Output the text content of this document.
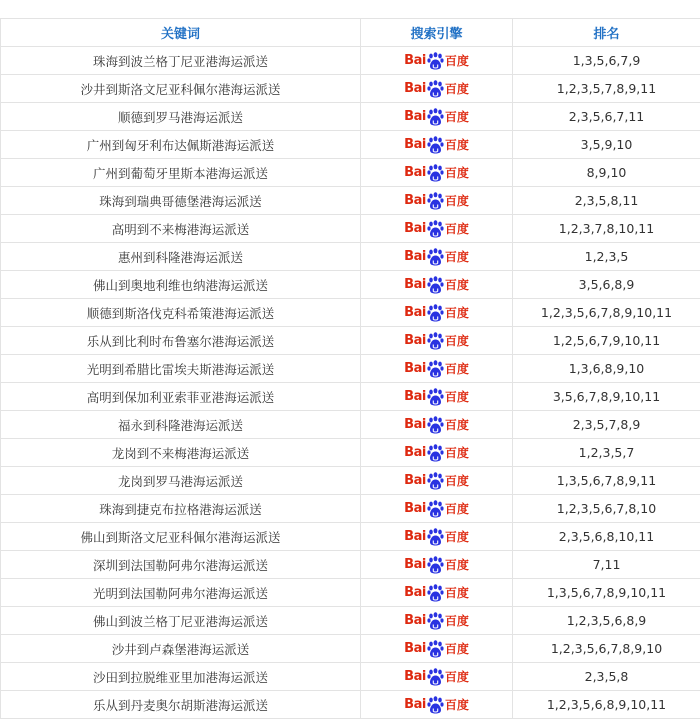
关键词	搜索引擎	排名
珠海到波兰格丁尼亚港海运派送	Bai 百度	1,3,5,6,7,9
沙井到斯洛文尼亚科佩尔港海运派送	Bai 百度	1,2,3,5,7,8,9,11
顺德到罗马港海运派送	Bai 百度	2,3,5,6,7,11
广州到匈牙利布达佩斯港海运派送	Bai 百度	3,5,9,10
广州到葡萄牙里斯本港海运派送	Bai 百度	8,9,10
珠海到瑞典哥德堡港海运派送	Bai 百度	2,3,5,8,11
高明到不来梅港海运派送	Bai 百度	1,2,3,7,8,10,11
惠州到科隆港海运派送	Bai 百度	1,2,3,5
佛山到奥地利维也纳港海运派送	Bai 百度	3,5,6,8,9
顺德到斯洛伐克科希策港海运派送	Bai 百度	1,2,3,5,6,7,8,9,10,11
乐从到比利时布鲁塞尔港海运派送	Bai 百度	1,2,5,6,7,9,10,11
光明到希腊比雷埃夫斯港海运派送	Bai 百度	1,3,6,8,9,10
高明到保加利亚索菲亚港海运派送	Bai 百度	3,5,6,7,8,9,10,11
福永到科隆港海运派送	Bai 百度	2,3,5,7,8,9
龙岗到不来梅港海运派送	Bai 百度	1,2,3,5,7
龙岗到罗马港海运派送	Bai 百度	1,3,5,6,7,8,9,11
珠海到捷克布拉格港海运派送	Bai 百度	1,2,3,5,6,7,8,10
佛山到斯洛文尼亚科佩尔港海运派送	Bai 百度	2,3,5,6,8,10,11
深圳到法国勒阿弗尔港海运派送	Bai 百度	7,11
光明到法国勒阿弗尔港海运派送	Bai 百度	1,3,5,6,7,8,9,10,11
佛山到波兰格丁尼亚港海运派送	Bai 百度	1,2,3,5,6,8,9
沙井到卢森堡港海运派送	Bai 百度	1,2,3,5,6,7,8,9,10
沙田到拉脱维亚里加港海运派送	Bai 百度	2,3,5,8
乐从到丹麦奥尔胡斯港海运派送	Bai 百度	1,2,3,5,6,8,9,10,11
